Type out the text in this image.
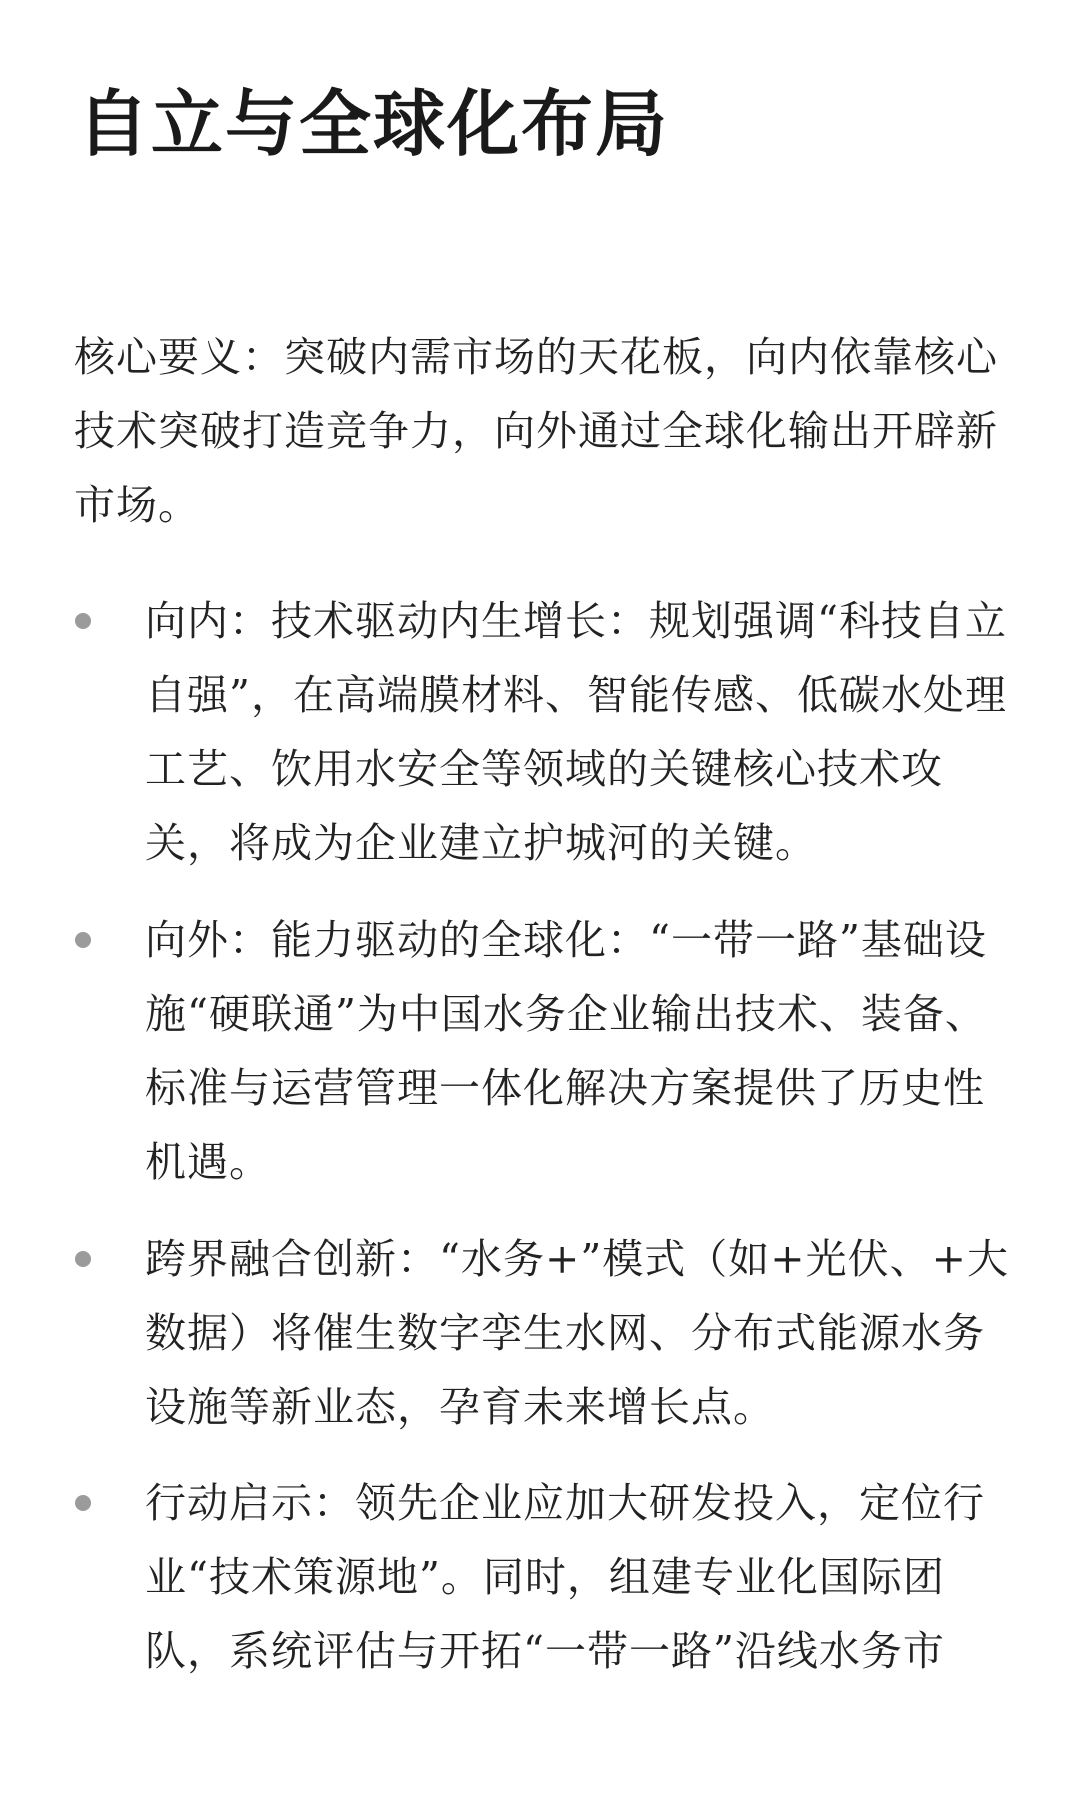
自立与全球化布局

核心要义：突破内需市场的天花板，向内依靠核心技术突破打造竞争力，向外通过全球化输出开辟新市场。

向内：技术驱动内生增长：规划强调“科技自立自强”，在高端膜材料、智能传感、低碳水处理工艺、饮用水安全等领域的关键核心技术攻关，将成为企业建立护城河的关键。
向外：能力驱动的全球化：“一带一路”基础设施“硬联通”为中国水务企业输出技术、装备、标准与运营管理一体化解决方案提供了历史性机遇。
跨界融合创新：“水务+”模式（如+光伏、+大数据）将催生数字孪生水网、分布式能源水务设施等新业态，孕育未来增长点。
行动启示：领先企业应加大研发投入，定位行业“技术策源地”。同时，组建专业化国际团队，系统评估与开拓“一带一路”沿线水务市
